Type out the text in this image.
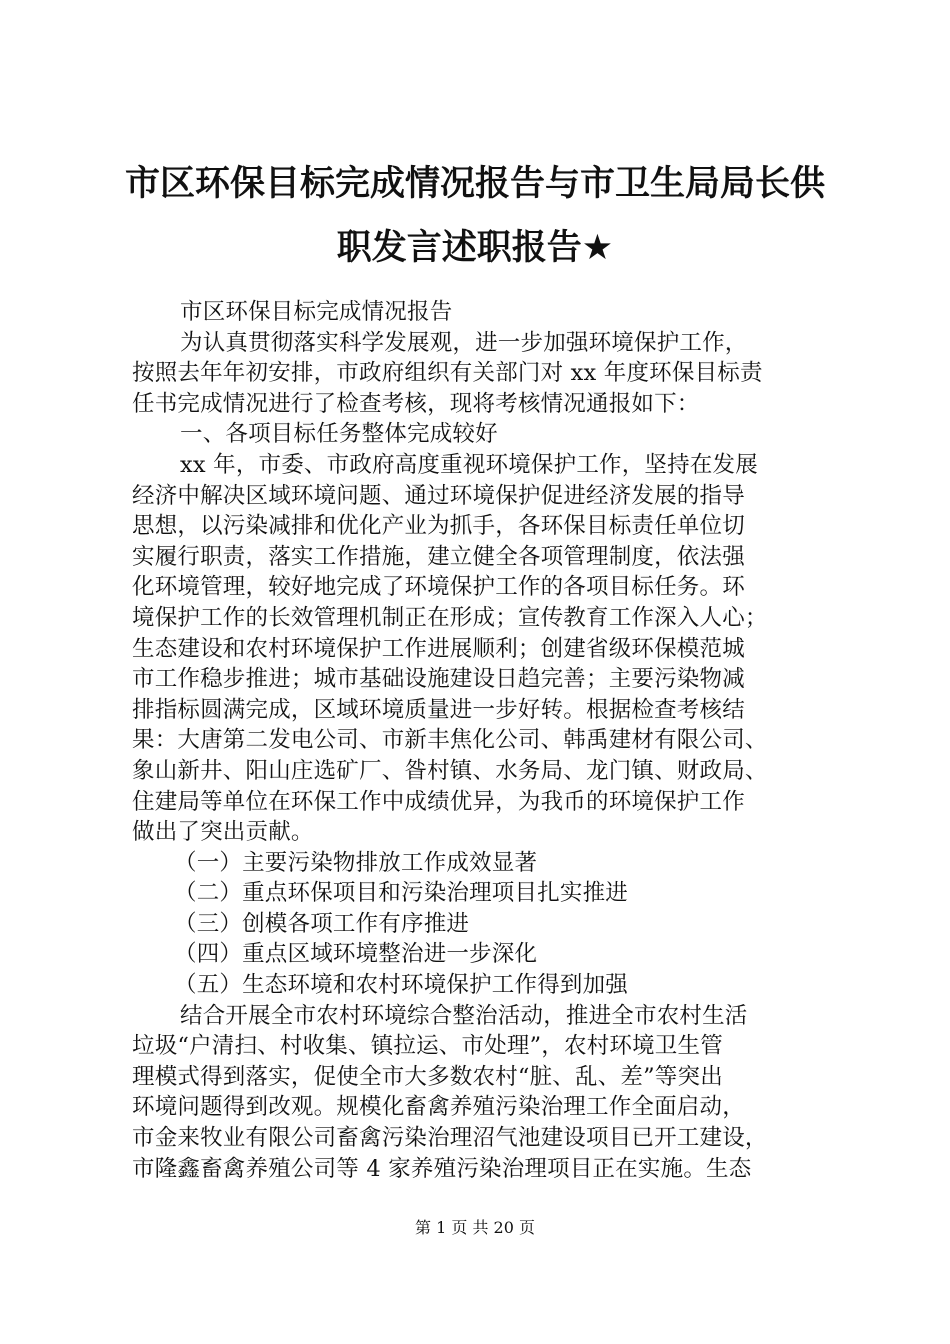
市区环保目标完成情况报告与市卫生局局长供
职发言述职报告★
市区环保目标完成情况报告
为认真贯彻落实科学发展观，进一步加强环境保护工作，
按照去年年初安排，市政府组织有关部门对 xx 年度环保目标责
任书完成情况进行了检查考核，现将考核情况通报如下：
一、各项目标任务整体完成较好
xx 年，市委、市政府高度重视环境保护工作，坚持在发展
经济中解决区域环境问题、通过环境保护促进经济发展的指导
思想，以污染减排和优化产业为抓手，各环保目标责任单位切
实履行职责，落实工作措施，建立健全各项管理制度，依法强
化环境管理，较好地完成了环境保护工作的各项目标任务。环
境保护工作的长效管理机制正在形成；宣传教育工作深入人心；
生态建设和农村环境保护工作进展顺利；创建省级环保模范城
市工作稳步推进；城市基础设施建设日趋完善；主要污染物减
排指标圆满完成，区域环境质量进一步好转。根据检查考核结
果：大唐第二发电公司、市新丰焦化公司、韩禹建材有限公司、
象山新井、阳山庄选矿厂、昝村镇、水务局、龙门镇、财政局、
住建局等单位在环保工作中成绩优异，为我币的环境保护工作
做出了突出贡献。
（一）主要污染物排放工作成效显著
（二）重点环保项目和污染治理项目扎实推进
（三）创模各项工作有序推进
（四）重点区域环境整治进一步深化
（五）生态环境和农村环境保护工作得到加强
结合开展全市农村环境综合整治活动，推进全市农村生活
垃圾“户清扫、村收集、镇拉运、市处理”，农村环境卫生管
理模式得到落实，促使全市大多数农村“脏、乱、差”等突出
环境问题得到改观。规模化畜禽养殖污染治理工作全面启动，
市金来牧业有限公司畜禽污染治理沼气池建设项目已开工建设，
市隆鑫畜禽养殖公司等 4 家养殖污染治理项目正在实施。生态
第 1 页 共 20 页
